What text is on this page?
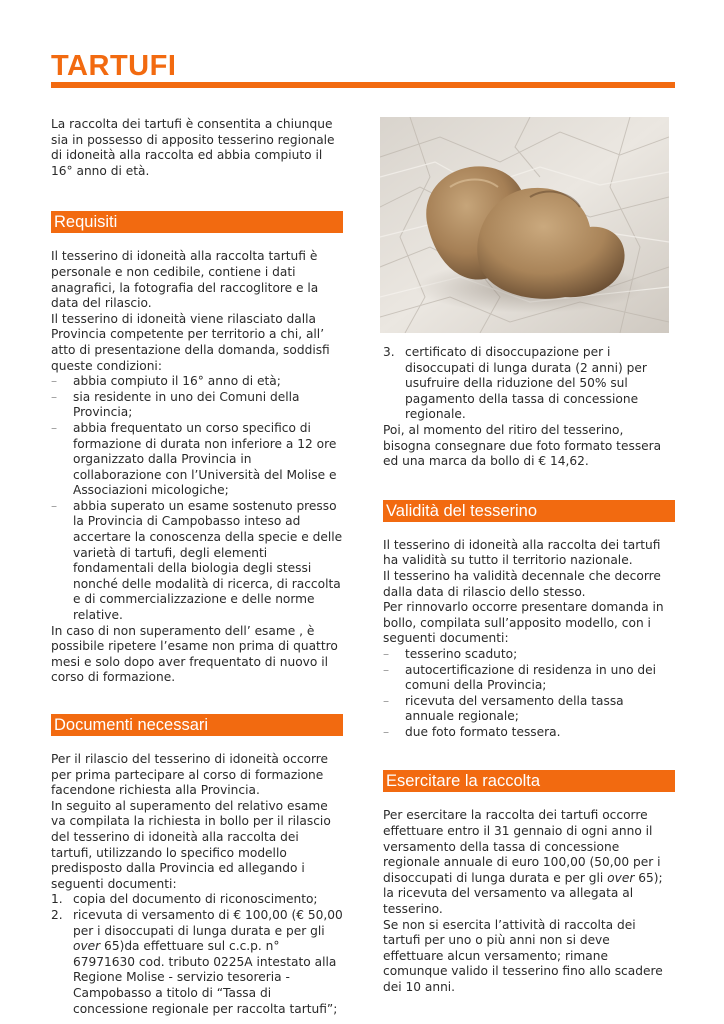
TARTUFI

La raccolta dei tartufi è consentita a chiunque sia in possesso di apposito tesserino regionale di idoneità alla raccolta ed abbia compiuto il 16° anno di età.

Requisiti

Il tesserino di idoneità alla raccolta tartufi è personale e non cedibile, contiene i dati anagrafici, la fotografia del raccoglitore e la data del rilascio.

Il tesserino di idoneità viene rilasciato dalla Provincia competente per territorio a chi, all’ atto di presentazione della domanda, soddisfi queste condizioni:

– abbia compiuto il 16° anno di età;
– sia residente in uno dei Comuni della Provincia;
– abbia frequentato un corso specifico di formazione di durata non inferiore a 12 ore organizzato dalla Provincia in collaborazione con l’Università del Molise e Associazioni micologiche;
– abbia superato un esame sostenuto presso la Provincia di Campobasso inteso ad accertare la conoscenza della specie e delle varietà di tartufi, degli elementi fondamentali della biologia degli stessi nonché delle modalità di ricerca, di raccolta e di commercializzazione e delle norme relative.

In caso di non superamento dell’ esame , è possibile ripetere l’esame non prima di quattro mesi e solo dopo aver frequentato di nuovo il corso di formazione.

Documenti necessari

Per il rilascio del tesserino di idoneità occorre per prima partecipare al corso di formazione facendone richiesta alla Provincia.

In seguito al superamento del relativo esame va compilata la richiesta in bollo per il rilascio del tesserino di idoneità alla raccolta dei tartufi, utilizzando lo specifico modello predisposto dalla Provincia ed allegando i seguenti documenti:

1. copia del documento di riconoscimento;
2. ricevuta di versamento di € 100,00 (€ 50,00 per i disoccupati di lunga durata e per gli over 65)da effettuare sul c.c.p. n° 67971630 cod. tributo 0225A intestato alla Regione Molise - servizio tesoreria - Campobasso a titolo di “Tassa di concessione regionale per raccolta tartufi”;
3. certificato di disoccupazione per i disoccupati di lunga durata (2 anni) per usufruire della riduzione del 50% sul pagamento della tassa di concessione regionale.

Poi, al momento del ritiro del tesserino, bisogna consegnare due foto formato tessera ed una marca da bollo di € 14,62.

Validità del tesserino

Il tesserino di idoneità alla raccolta dei tartufi ha validità su tutto il territorio nazionale.

Il tesserino ha validità decennale che decorre dalla data di rilascio dello stesso.

Per rinnovarlo occorre presentare domanda in bollo, compilata sull’apposito modello, con i seguenti documenti:

– tesserino scaduto;
– autocertificazione di residenza in uno dei comuni della Provincia;
– ricevuta del versamento della tassa annuale regionale;
– due foto formato tessera.
Esercitare la raccolta

Per esercitare la raccolta dei tartufi occorre effettuare entro il 31 gennaio di ogni anno il versamento della tassa di concessione regionale annuale di euro 100,00 (50,00 per i disoccupati di lunga durata e per gli over 65); la ricevuta del versamento va allegata al tesserino.

Se non si esercita l’attività di raccolta dei tartufi per uno o più anni non si deve effettuare alcun versamento; rimane comunque valido il tesserino fino allo scadere dei 10 anni.
